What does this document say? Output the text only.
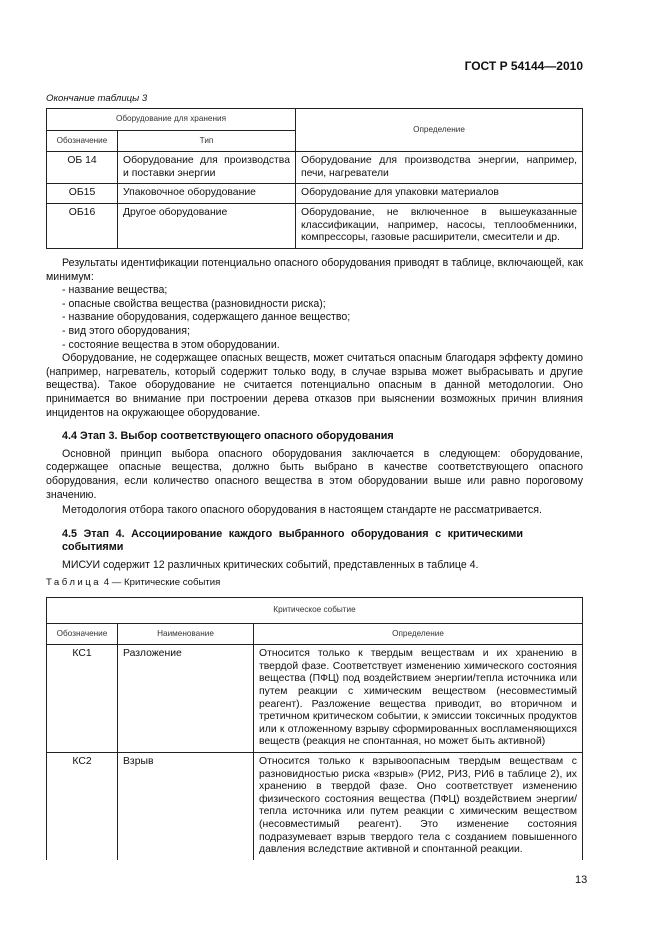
ГОСТ Р 54144—2010
Окончание таблицы 3
Оборудование для хранения		Определение
Обозначение	Тип	
ОБ 14	Оборудование для производства и поставки энергии	Оборудование для производства энергии, например, печи, нагреватели
ОБ15	Упаковочное оборудование	Оборудование для упаковки материалов
ОБ16	Другое оборудование	Оборудование, не включенное в вышеуказанные классификации, например, насосы, теплообменники, компрессоры, газовые расширители, смесители и др.

Результаты идентификации потенциально опасного оборудования приводят в таблице, включающей, как минимум:

- название вещества;
- опасные свойства вещества (разновидности риска);
- название оборудования, содержащего данное вещество;
- вид этого оборудования;
- состояние вещества в этом оборудовании.

Оборудование, не содержащее опасных веществ, может считаться опасным благодаря эффекту домино (например, нагреватель, который содержит только воду, в случае взрыва может выбрасывать и другие вещества). Такое оборудование не считается потенциально опасным в данной методологии. Оно принимается во внимание при построении дерева отказов при выяснении возможных причин влияния инцидентов на окружающее оборудование.

4.4 Этап 3. Выбор соответствующего опасного оборудования

Основной принцип выбора опасного оборудования заключается в следующем: оборудование, содержащее опасные вещества, должно быть выбрано в качестве соответствующего опасного оборудования, если количество опасного вещества в этом оборудовании выше или равно пороговому значению.

Методология отбора такого опасного оборудования в настоящем стандарте не рассматривается.

4.5 Этап 4. Ассоциирование каждого выбранного оборудования с критическими событиями

МИСУИ содержит 12 различных критических событий, представленных в таблице 4.

Таблица 4 — Критические события
Критическое событие		
Обозначение	Наименование	Определение
КС1	Разложение	Относится только к твердым веществам и их хранению в твердой фазе. Соответствует изменению химического состояния вещества (ПФЦ) под воздействием энергии/тепла источника или путем реакции с химическим веществом (несовместимый реагент). Разложение вещества приводит, во вторичном и третичном критическом событии, к эмиссии токсичных продуктов или к отложенному взрыву сформированных воспламеняющихся веществ (реакция не спонтанная, но может быть активной)
КС2	Взрыв	Относится только к взрывоопасным твердым веществам с разновидностью риска «взрыв» (РИ2, РИ3, РИ6 в таблице 2), их хранению в твердой фазе. Оно соответствует изменению физического состояния вещества (ПФЦ) воздействием энергии/тепла источника или путем реакции с химическим веществом (несовместимый реагент). Это изменение состояния подразумевает взрыв твердого тела с созданием повышенного давления вследствие активной и спонтанной реакции.
13
